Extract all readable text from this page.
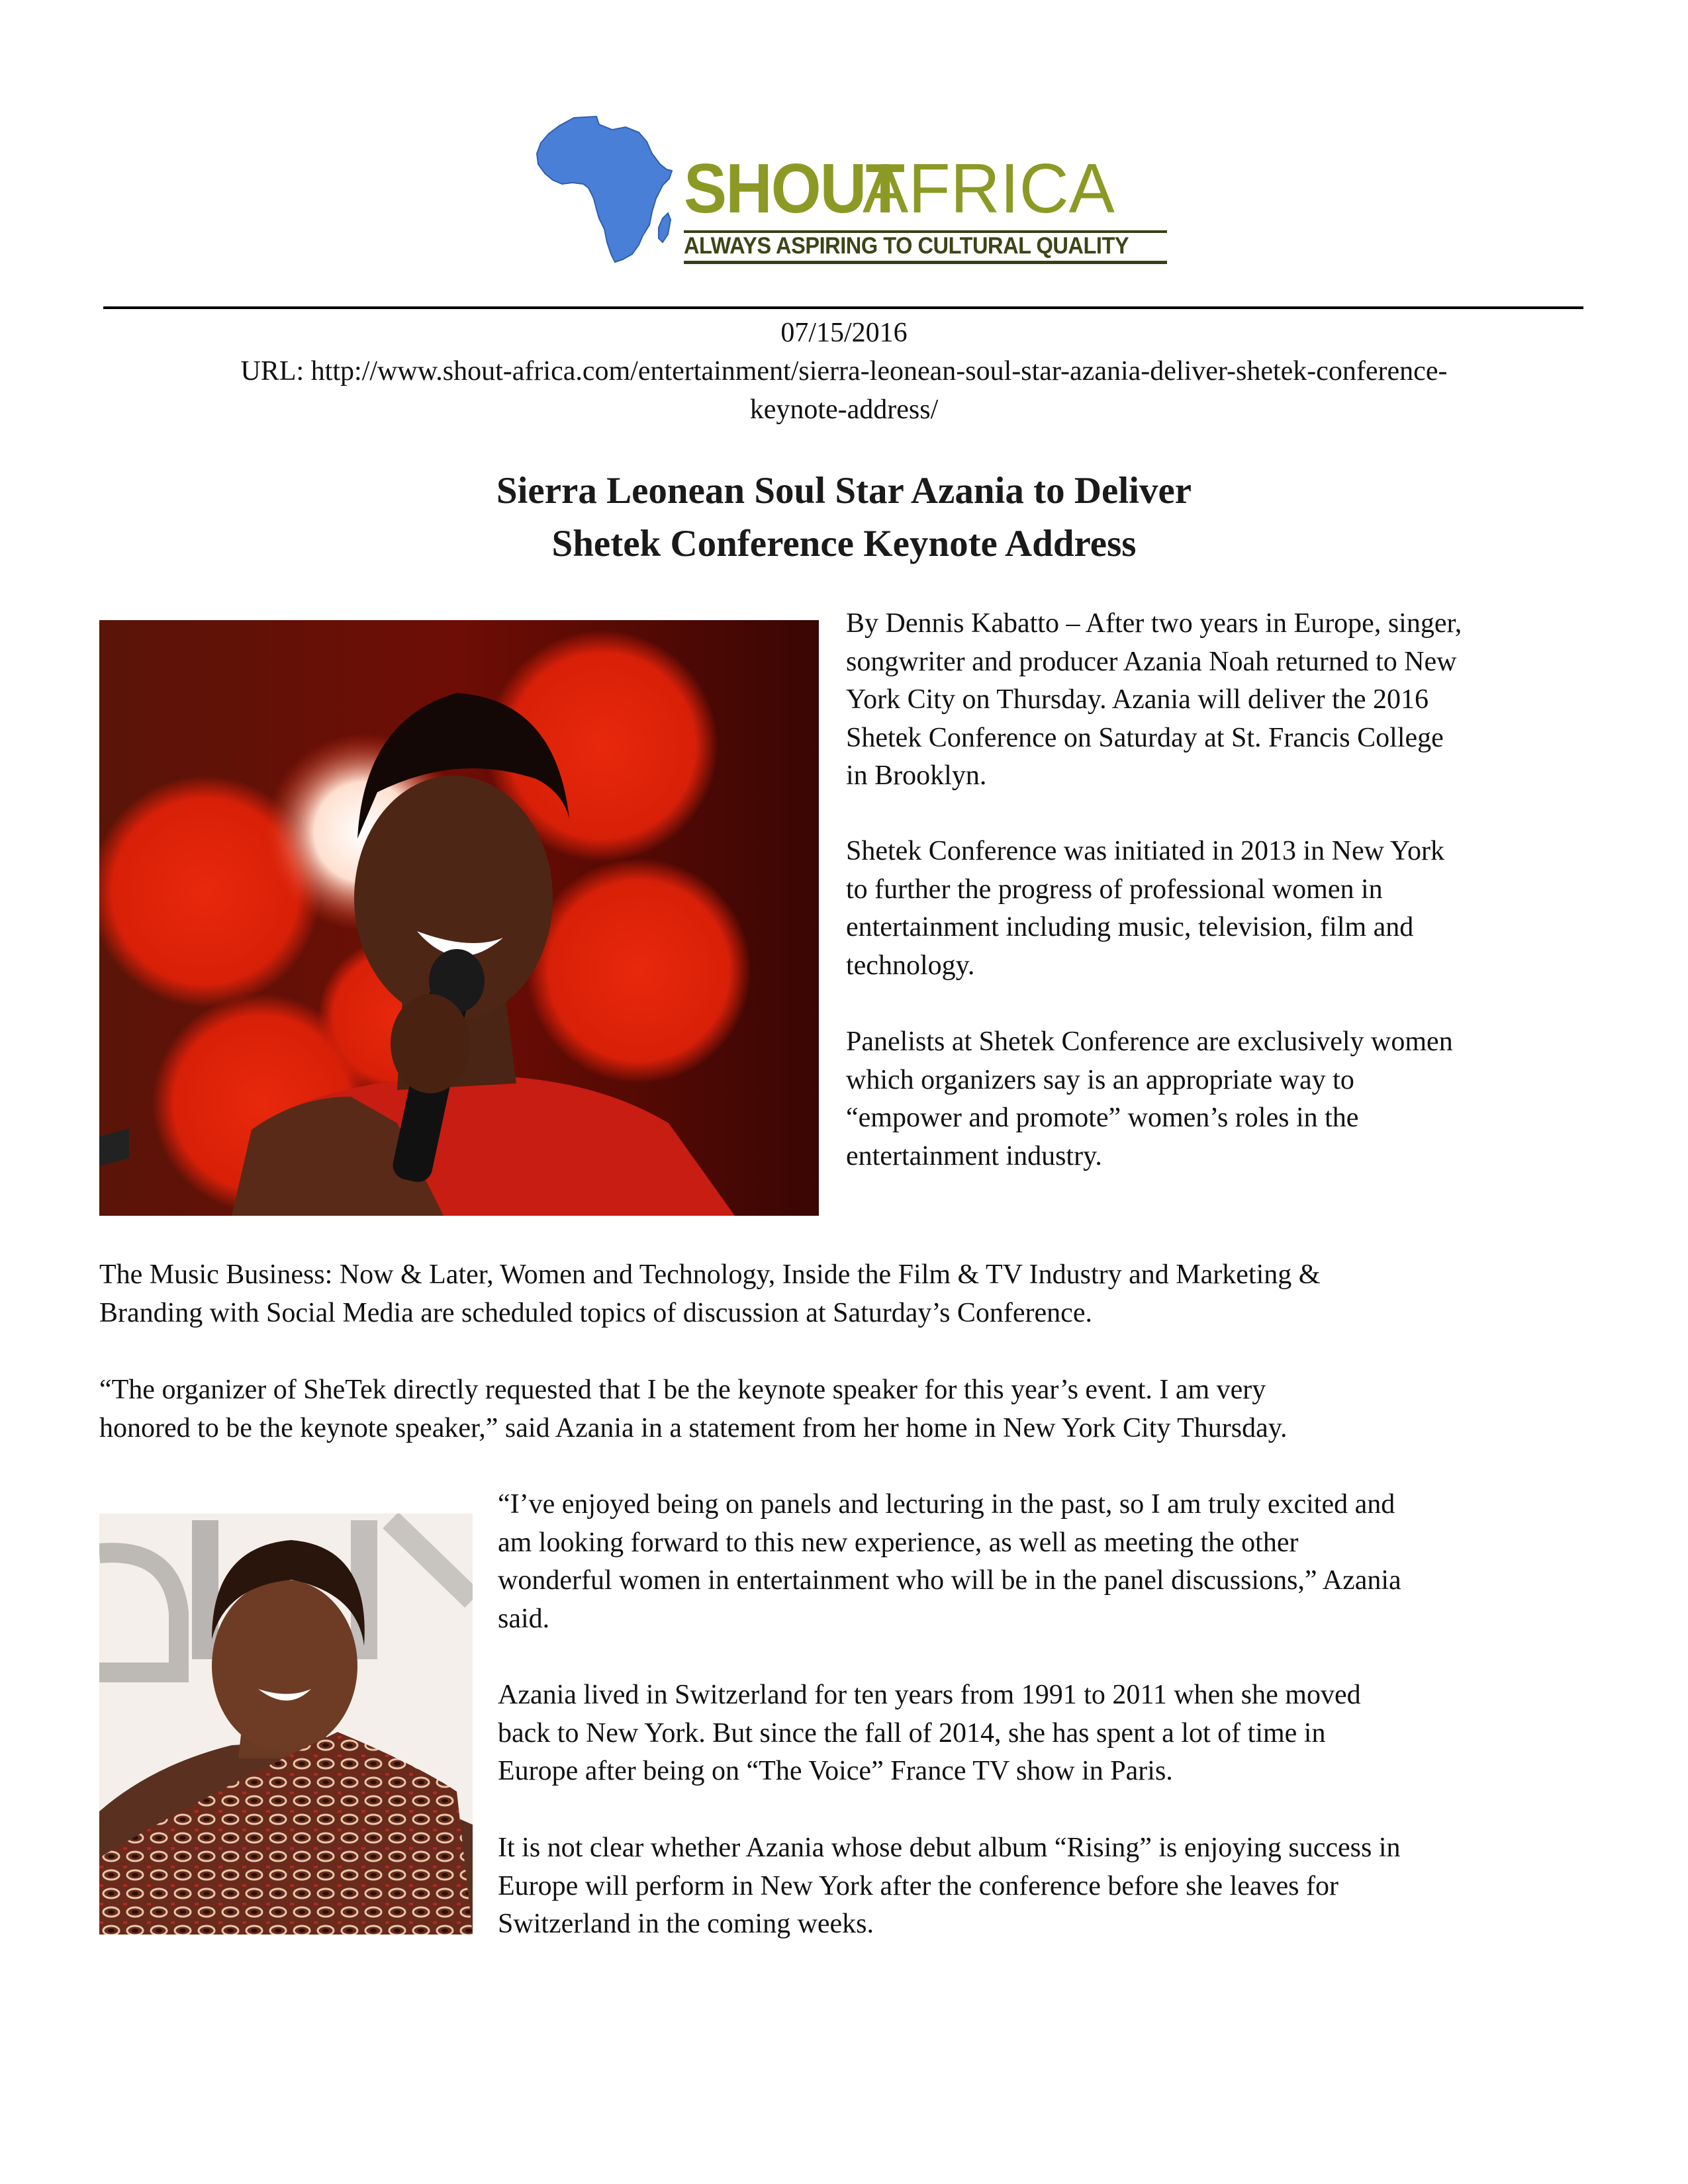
SHOUT
AFRICA
ALWAYS ASPIRING TO CULTURAL QUALITY
07/15/2016
URL: http://www.shout-africa.com/entertainment/sierra-leonean-soul-star-azania-deliver-shetek-conference-
keynote-address/
Sierra Leonean Soul Star Azania to Deliver
Shetek Conference Keynote Address
By Dennis Kabatto – After two years in Europe, singer,
songwriter and producer Azania Noah returned to New
York City on Thursday. Azania will deliver the 2016
Shetek Conference on Saturday at St. Francis College
in Brooklyn.
Shetek Conference was initiated in 2013 in New York
to further the progress of professional women in
entertainment including music, television, film and
technology.
Panelists at Shetek Conference are exclusively women
which organizers say is an appropriate way to
“empower and promote” women’s roles in the
entertainment industry.
The Music Business: Now & Later, Women and Technology, Inside the Film & TV Industry and Marketing &
Branding with Social Media are scheduled topics of discussion at Saturday’s Conference.
“The organizer of SheTek directly requested that I be the keynote speaker for this year’s event. I am very
honored to be the keynote speaker,” said Azania in a statement from her home in New York City Thursday.
“I’ve enjoyed being on panels and lecturing in the past, so I am truly excited and
am looking forward to this new experience, as well as meeting the other
wonderful women in entertainment who will be in the panel discussions,” Azania
said.
Azania lived in Switzerland for ten years from 1991 to 2011 when she moved
back to New York. But since the fall of 2014, she has spent a lot of time in
Europe after being on “The Voice” France TV show in Paris.
It is not clear whether Azania whose debut album “Rising” is enjoying success in
Europe will perform in New York after the conference before she leaves for
Switzerland in the coming weeks.
